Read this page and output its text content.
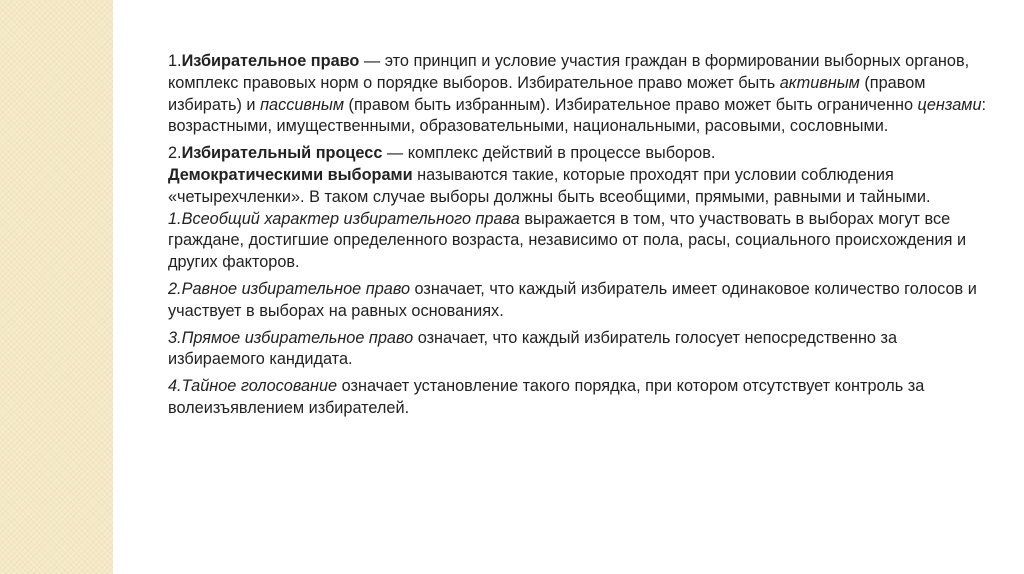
1.Избирательное право — это принцип и условие участия граждан в формировании выборных органов, комплекс правовых норм о порядке выборов. Избирательное право может быть активным (правом избирать) и пассивным (правом быть избранным). Избирательное право может быть ограниченно цензами: возрастными, имущественными, образовательными, национальными, расовыми, сословными.

2.Избирательный процесс — комплекс действий в процессе выборов.
Демократическими выборами называются такие, которые проходят при условии соблюдения «четырехчленки». В таком случае выборы должны быть всеобщими, прямыми, равными и тайными.
1.Всеобщий характер избирательного права выражается в том, что участвовать в выборах могут все граждане, достигшие определенного возраста, независимо от пола, расы, социального происхождения и других факторов.

2.Равное избирательное право означает, что каждый избиратель имеет одинаковое количество голосов и участвует в выборах на равных основаниях.

3.Прямое избирательное право означает, что каждый избиратель голосует непосредственно за избираемого кандидата.

4.Тайное голосование означает установление такого порядка, при котором отсутствует контроль за волеизъявлением избирателей.
